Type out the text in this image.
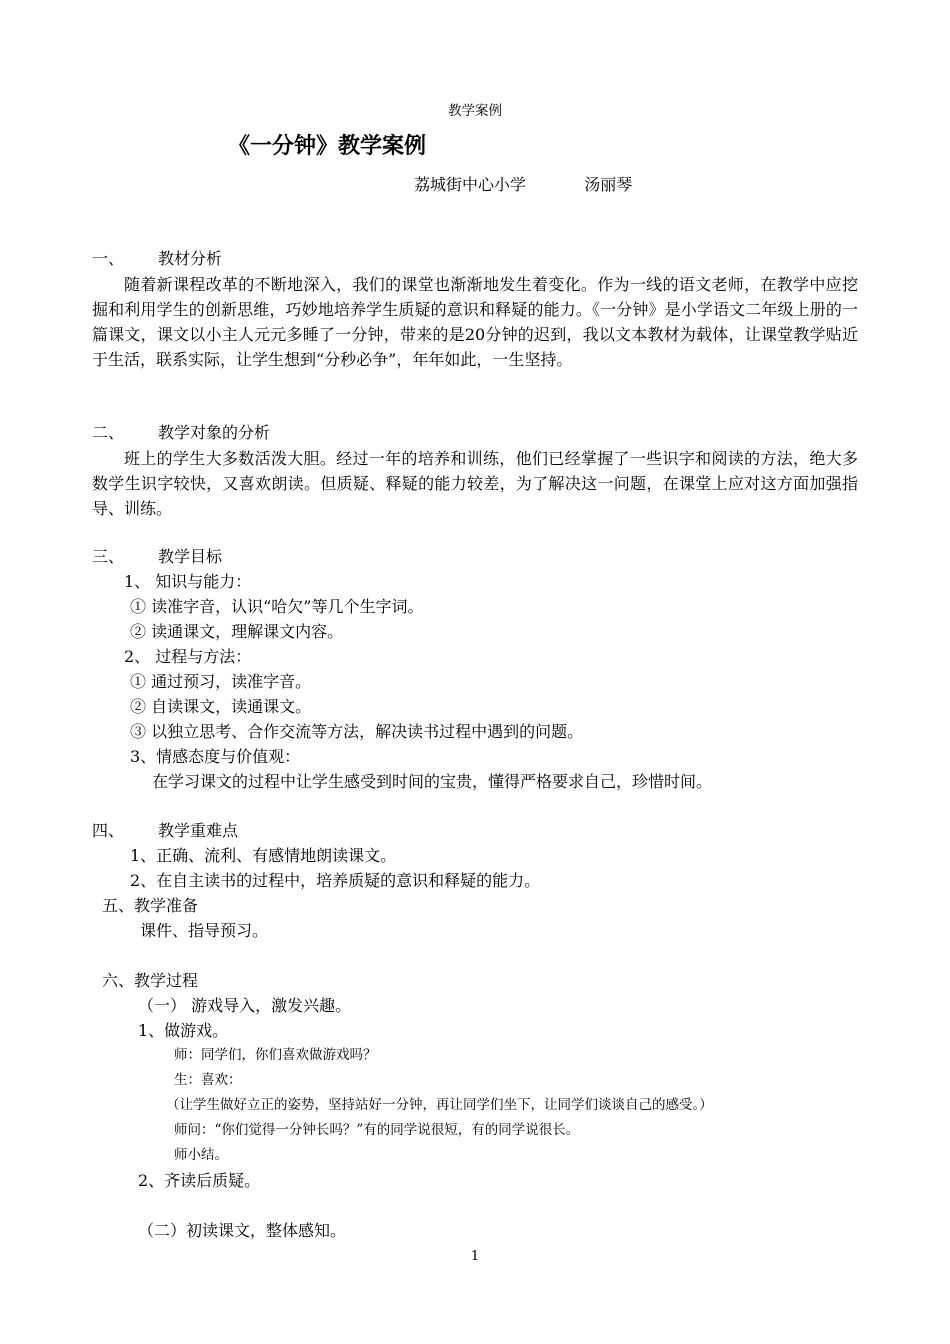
教学案例
《一分钟》教学案例
荔城街中心小学	汤丽琴
一、 教材分析
随着新课程改革的不断地深入，我们的课堂也渐渐地发生着变化。作为一线的语文老师，在教学中应挖掘和利用学生的创新思维，巧妙地培养学生质疑的意识和释疑的能力。《一分钟》是小学语文二年级上册的一篇课文，课文以小主人元元多睡了一分钟，带来的是20分钟的迟到，我以文本教材为载体，让课堂教学贴近于生活，联系实际，让学生想到“分秒必争”，年年如此，一生坚持。
二、 教学对象的分析
班上的学生大多数活泼大胆。经过一年的培养和训练，他们已经掌握了一些识字和阅读的方法，绝大多数学生识字较快，又喜欢朗读。但质疑、释疑的能力较差，为了解决这一问题，在课堂上应对这方面加强指导、训练。
三、 教学目标
1、 知识与能力：
① 读准字音，认识“哈欠”等几个生字词。
② 读通课文，理解课文内容。
2、 过程与方法：
① 通过预习，读准字音。
② 自读课文，读通课文。
③ 以独立思考、合作交流等方法，解决读书过程中遇到的问题。
3、情感态度与价值观：
在学习课文的过程中让学生感受到时间的宝贵，懂得严格要求自己，珍惜时间。
四、 教学重难点
1、正确、流利、有感情地朗读课文。
2、在自主读书的过程中，培养质疑的意识和释疑的能力。
五、教学准备
课件、指导预习。
六、教学过程
（一） 游戏导入，激发兴趣。
1、做游戏。
师：同学们，你们喜欢做游戏吗？
生：喜欢：
（让学生做好立正的姿势，坚持站好一分钟，再让同学们坐下，让同学们谈谈自己的感受。）
师问：“你们觉得一分钟长吗？”有的同学说很短，有的同学说很长。
师小结。
2、齐读后质疑。
（二）初读课文，整体感知。
1
